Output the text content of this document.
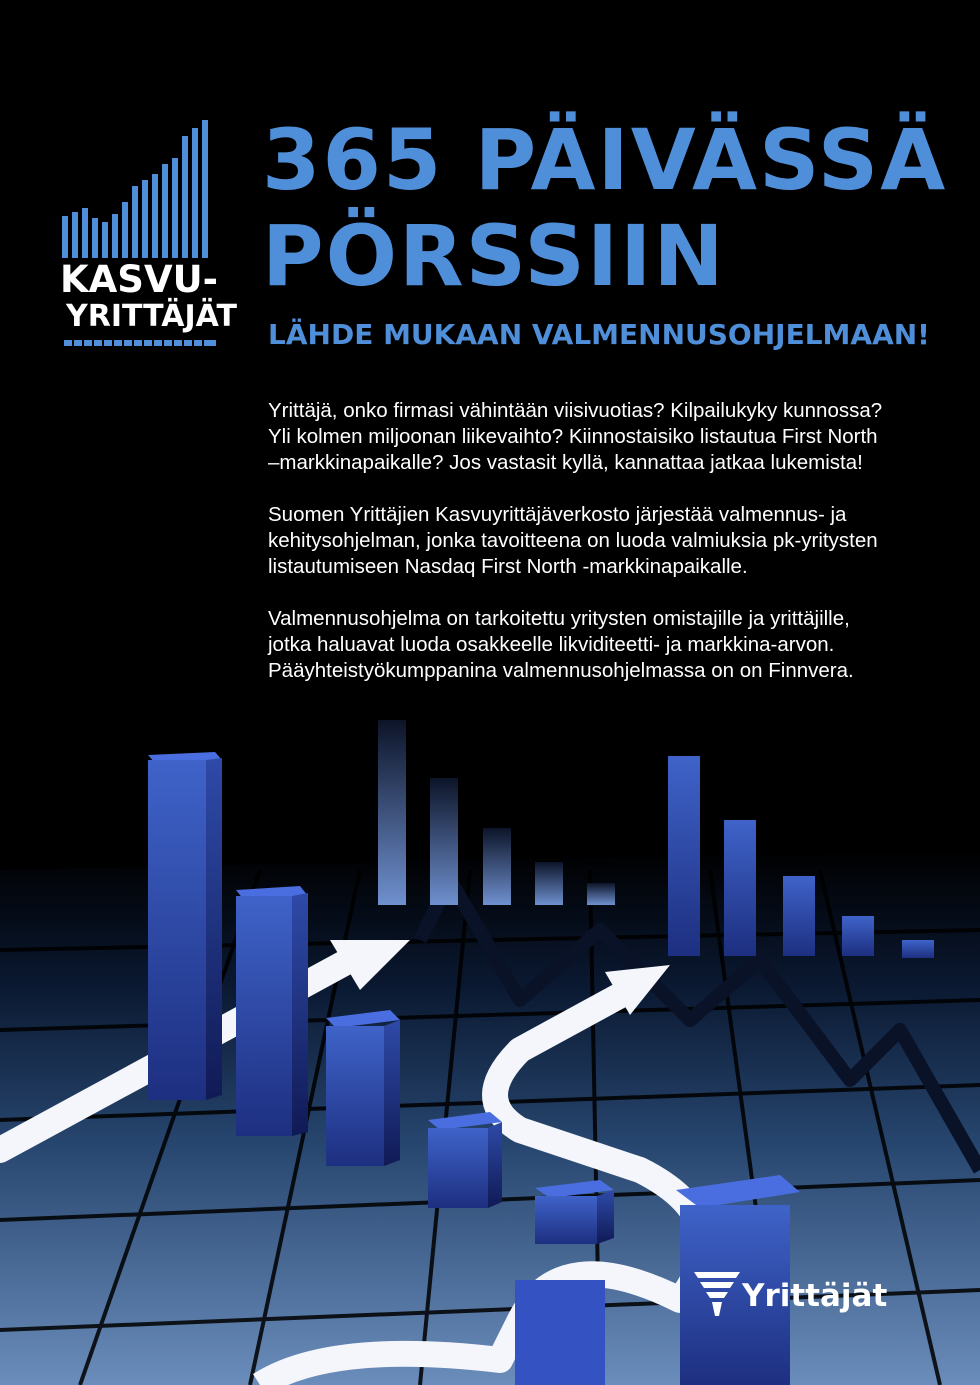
KASVU-
YRITTÄJÄT
365 PÄIVÄSSÄ
PÖRSSIIN
LÄHDE MUKAAN VALMENNUSOHJELMAAN!

Yrittäjä, onko firmasi vähintään viisivuotias? Kilpailukyky kunnossa?
Yli kolmen miljoonan liikevaihto? Kiinnostaisiko listautua First North
–markkinapaikalle? Jos vastasit kyllä, kannattaa jatkaa lukemista!

Suomen Yrittäjien Kasvuyrittäjäverkosto järjestää valmennus- ja
kehitysohjelman, jonka tavoitteena on luoda valmiuksia pk-yritysten
listautumiseen Nasdaq First North -markkinapaikalle.

Valmennusohjelma on tarkoitettu yritysten omistajille ja yrittäjille,
jotka haluavat luoda osakkeelle likviditeetti- ja markkina-arvon.
Pääyhteistyökumppanina valmennusohjelmassa on on Finnvera.

Yrittäjät
